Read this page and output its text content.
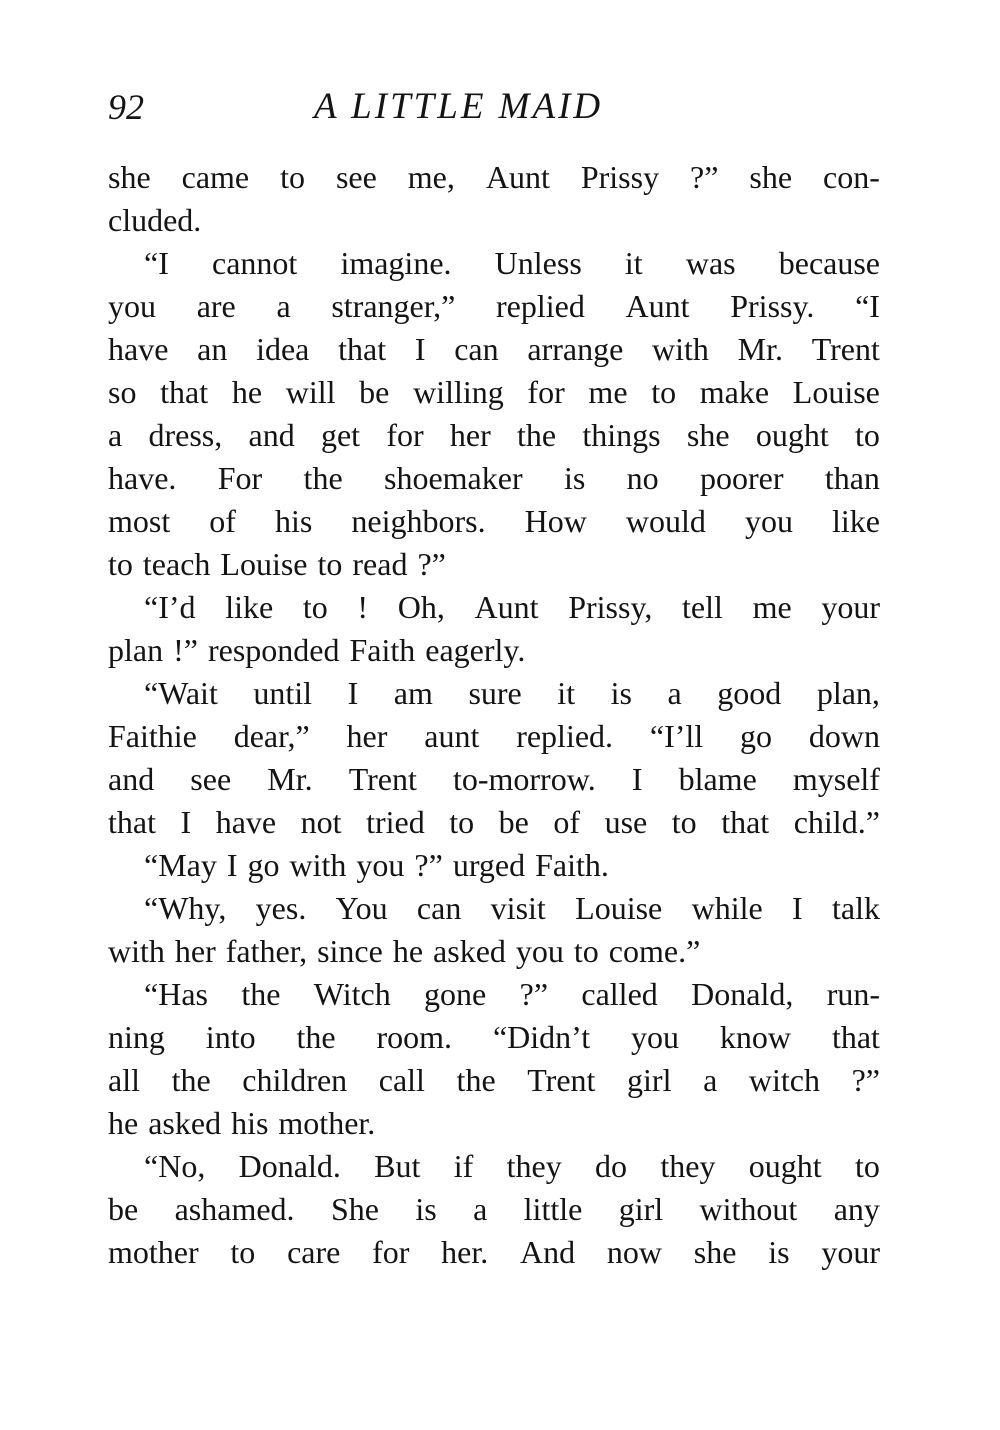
92	A LITTLE MAID
she came to see me, Aunt Prissy ?” she con-
cluded.
“I cannot imagine. Unless it was because
you are a stranger,” replied Aunt Prissy. “I
have an idea that I can arrange with Mr. Trent
so that he will be willing for me to make Louise
a dress, and get for her the things she ought to
have. For the shoemaker is no poorer than
most of his neighbors. How would you like
to teach Louise to read ?”
“I’d like to ! Oh, Aunt Prissy, tell me your
plan !” responded Faith eagerly.
“Wait until I am sure it is a good plan,
Faithie dear,” her aunt replied. “I’ll go down
and see Mr. Trent to-morrow. I blame myself
that I have not tried to be of use to that child.”
“May I go with you ?” urged Faith.
“Why, yes. You can visit Louise while I talk
with her father, since he asked you to come.”
“Has the Witch gone ?” called Donald, run-
ning into the room. “Didn’t you know that
all the children call the Trent girl a witch ?”
he asked his mother.
“No, Donald. But if they do they ought to
be ashamed. She is a little girl without any
mother to care for her. And now she is your
